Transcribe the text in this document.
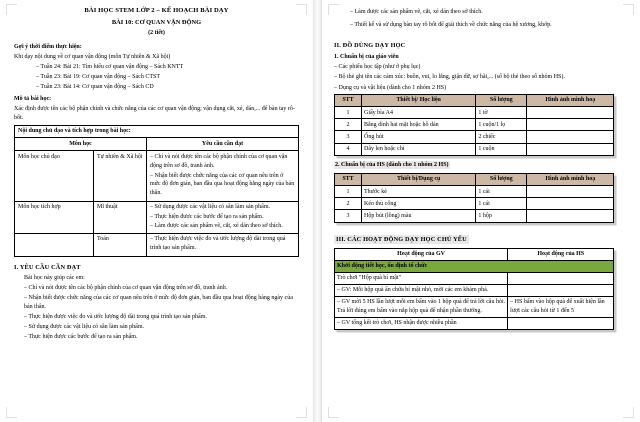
BÀI HỌC STEM LỚP 2 – KẾ HOẠCH BÀI DẠY
BÀI 10: CƠ QUAN VẬN ĐỘNG
(2 tiết)

Gợi ý thời điểm thực hiện:

Khi dạy nội dung về cơ quan vận động (môn Tự nhiên & Xã hội)

– Tuần 24: Bài 21: Tìm hiểu cơ quan vận động – Sách KNTT

– Tuần 23: Bài 19: Cơ quan vận động – Sách CTST

– Tuần 23: Bài 14: Cơ quan vận động – Sách CD

Mô tả bài học:

Xác định được tên các bộ phận chính và chức năng của các cơ quan vận động; vận dụng cắt, xé, dán,... để bàn tay rô-bốt.

Nội dung chủ đạo và tích hợp trong bài học:		
Môn học		Yêu cầu cần đạt
Môn học chủ đạo	Tự nhiên & Xã hội	– Chỉ và nói được tên các bộ phận chính của cơ quan vận động trên sơ đồ, tranh ảnh.

– Nhận biết được chức năng của các cơ quan nêu trên ở mức độ đơn giản, ban đầu qua hoạt động hằng ngày của bản thân.

Môn học tích hợp	Mĩ thuật	– Sử dụng được các vật liệu có sẵn làm sản phẩm.

– Thực hiện được các bước để tạo ra sản phẩm.

– Làm được các sản phẩm vẽ, cắt, xé dán theo sở thích.

	Toán	– Thực hiện được việc đo và ước lượng độ dài trong quá trình tạo sản phẩm.

I. YÊU CẦU CẦN ĐẠT

Bài học này giúp các em:

– Chỉ và nói được tên các bộ phận chính của cơ quan vận động trên sơ đồ, tranh ảnh.

– Nhận biết được chức năng của các cơ quan nêu trên ở mức độ đơn giản, ban đầu qua hoạt động hàng ngày của bản thân.

– Thực hiện được việc đo và ước lượng độ dài trong quá trình tạo sản phẩm.

– Sử dụng được các vật liệu có sẵn làm sản phẩm.

– Thực hiện được các bước để tạo ra sản phẩm.

– Làm được các sản phẩm vẽ, cắt, xé dán theo sở thích.

– Thiết kế và sử dụng bàn tay rô bốt để giải thích về chức năng của hệ xương, khớp.

II. ĐỒ DÙNG DẠY HỌC

1. Chuẩn bị của giáo viên

– Các phiếu học tập (như ở phụ lục)

– Bộ thẻ ghi tên các cảm xúc: buồn, vui, lo lắng, giận dữ, sợ hãi,... (số bộ thẻ theo số nhóm HS).

– Dụng cụ và vật liệu (dành cho 1 nhóm 2 HS)

STT	Thiết bị/ Học liệu	Số lượng	Hình ảnh minh hoạ
1	Giấy bìa A4	1 tờ	
2	Băng dính hai mặt hoặc hồ dán	1 cuộn/1 lọ	
3	Ống hút	2 chiếc	
4	Dây len hoặc chỉ	1 cuộn	
2. Chuẩn bị của HS (dành cho 1 nhóm 2 HS)
STT	Thiết bị/Dụng cụ	Số lượng	Hình ảnh minh hoạ
1	Thước kẻ	1 cái	
2	Kéo thủ công	1 cái	
3	Hộp bút (lông) màu	1 hộp	
III. CÁC HOẠT ĐỘNG DẠY HỌC CHỦ YẾU
Hoạt động của GV	Hoạt động của HS
Khởi động tiết học, ổn định tổ chức	
Trò chơi "Hộp quà bí mật"	
– GV: Mỗi hộp quà ẩn chứa bí mật nhỏ, mời các em khám phá.	
– GV mời 5 HS lần lượt mỗi em bấm vào 1 hộp quà để trả lời câu hỏi. Trả lời đúng em bấm vào nắp hộp quà để nhận phần thưởng.	– HS bấm vào hộp quà để xuất hiện lần lượt các câu hỏi từ 1 đến 5
– GV tổng kết trò chơi, HS nhận được nhiều phần	
